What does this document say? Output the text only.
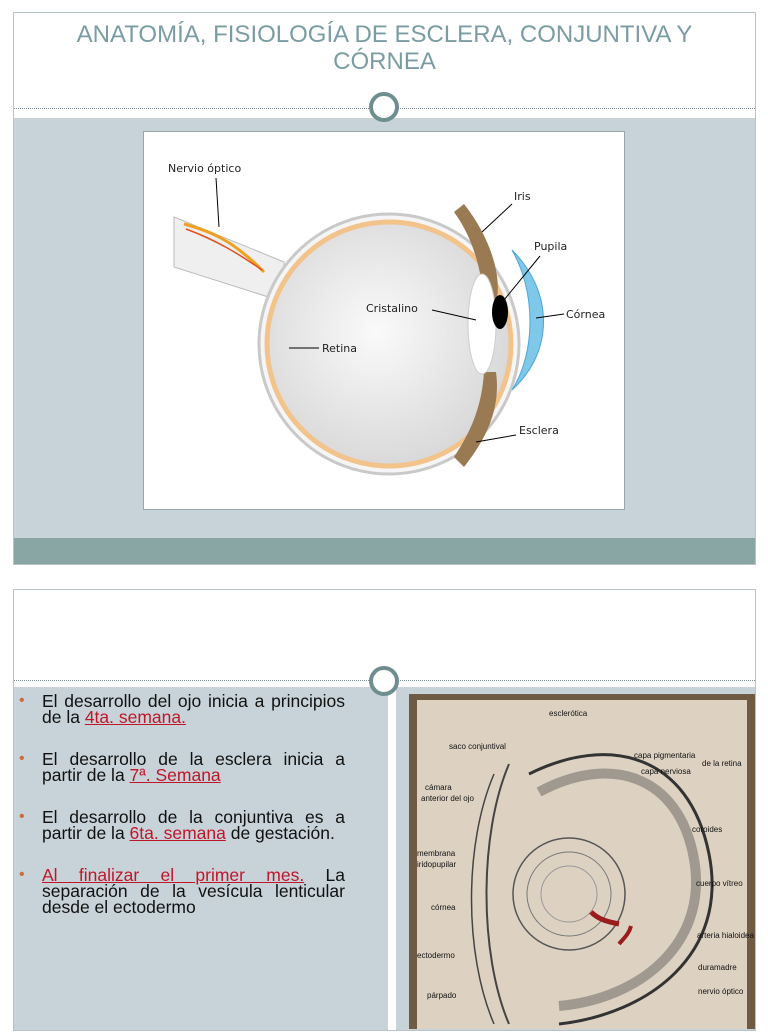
ANATOMÍA, FISIOLOGÍA DE ESCLERA, CONJUNTIVA Y
CÓRNEA
Nervio óptico
Iris
Pupila
Cristalino	Córnea
Retina
Esclera
• El desarrollo del ojo inicia a principios de la 4ta. semana.
• El desarrollo de la esclera inicia a partir de la 7ª. Semana
• El desarrollo de la conjuntiva es a partir de la 6ta. semana de gestación.
• Al finalizar el primer mes. La separación de la vesícula lenticular desde el ectodermo
esclerótica
saco conjuntival
capa pigmentaria
capa nerviosa
de la retina
cámara
anterior del ojo
coroides
membrana
iridopupilar
cuerpo vítreo
córnea
arteria hialoidea
ectodermo
duramadre
nervio óptico
párpado
